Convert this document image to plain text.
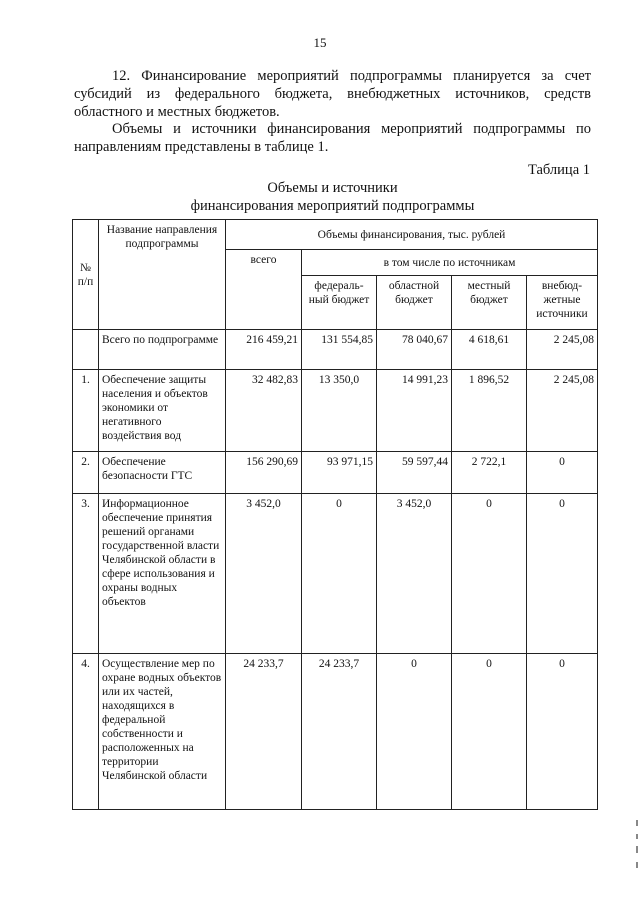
15
12. Финансирование мероприятий подпрограммы планируется за счет субсидий из федерального бюджета, внебюджетных источников, средств областного и местных бюджетов.
Объемы и источники финансирования мероприятий подпрограммы по направлениям представлены в таблице 1.
Таблица 1
Объемы и источники
финансирования мероприятий подпрограммы
№ п/п	Название направления подпрограммы	Объемы финансирования, тыс. рублей				
		всего	в том числе по источникам			
			федераль-ный бюджет	областной бюджет	местный бюджет	внебюд-жетные источники
	Всего по подпрограмме	216 459,21	131 554,85	78 040,67	4 618,61	2 245,08
1.	Обеспечение защиты населения и объектов экономики от негативного воздействия вод	32 482,83	13 350,0	14 991,23	1 896,52	2 245,08
2.	Обеспечение безопасности ГТС	156 290,69	93 971,15	59 597,44	2 722,1	0
3.	Информационное обеспечение принятия решений органами государственной власти Челябинской области в сфере использования и охраны водных объектов	3 452,0	0	3 452,0	0	0
4.	Осуществление мер по охране водных объектов или их частей, находящихся в федеральной собственности и расположенных на территории Челябинской области	24 233,7	24 233,7	0	0	0
